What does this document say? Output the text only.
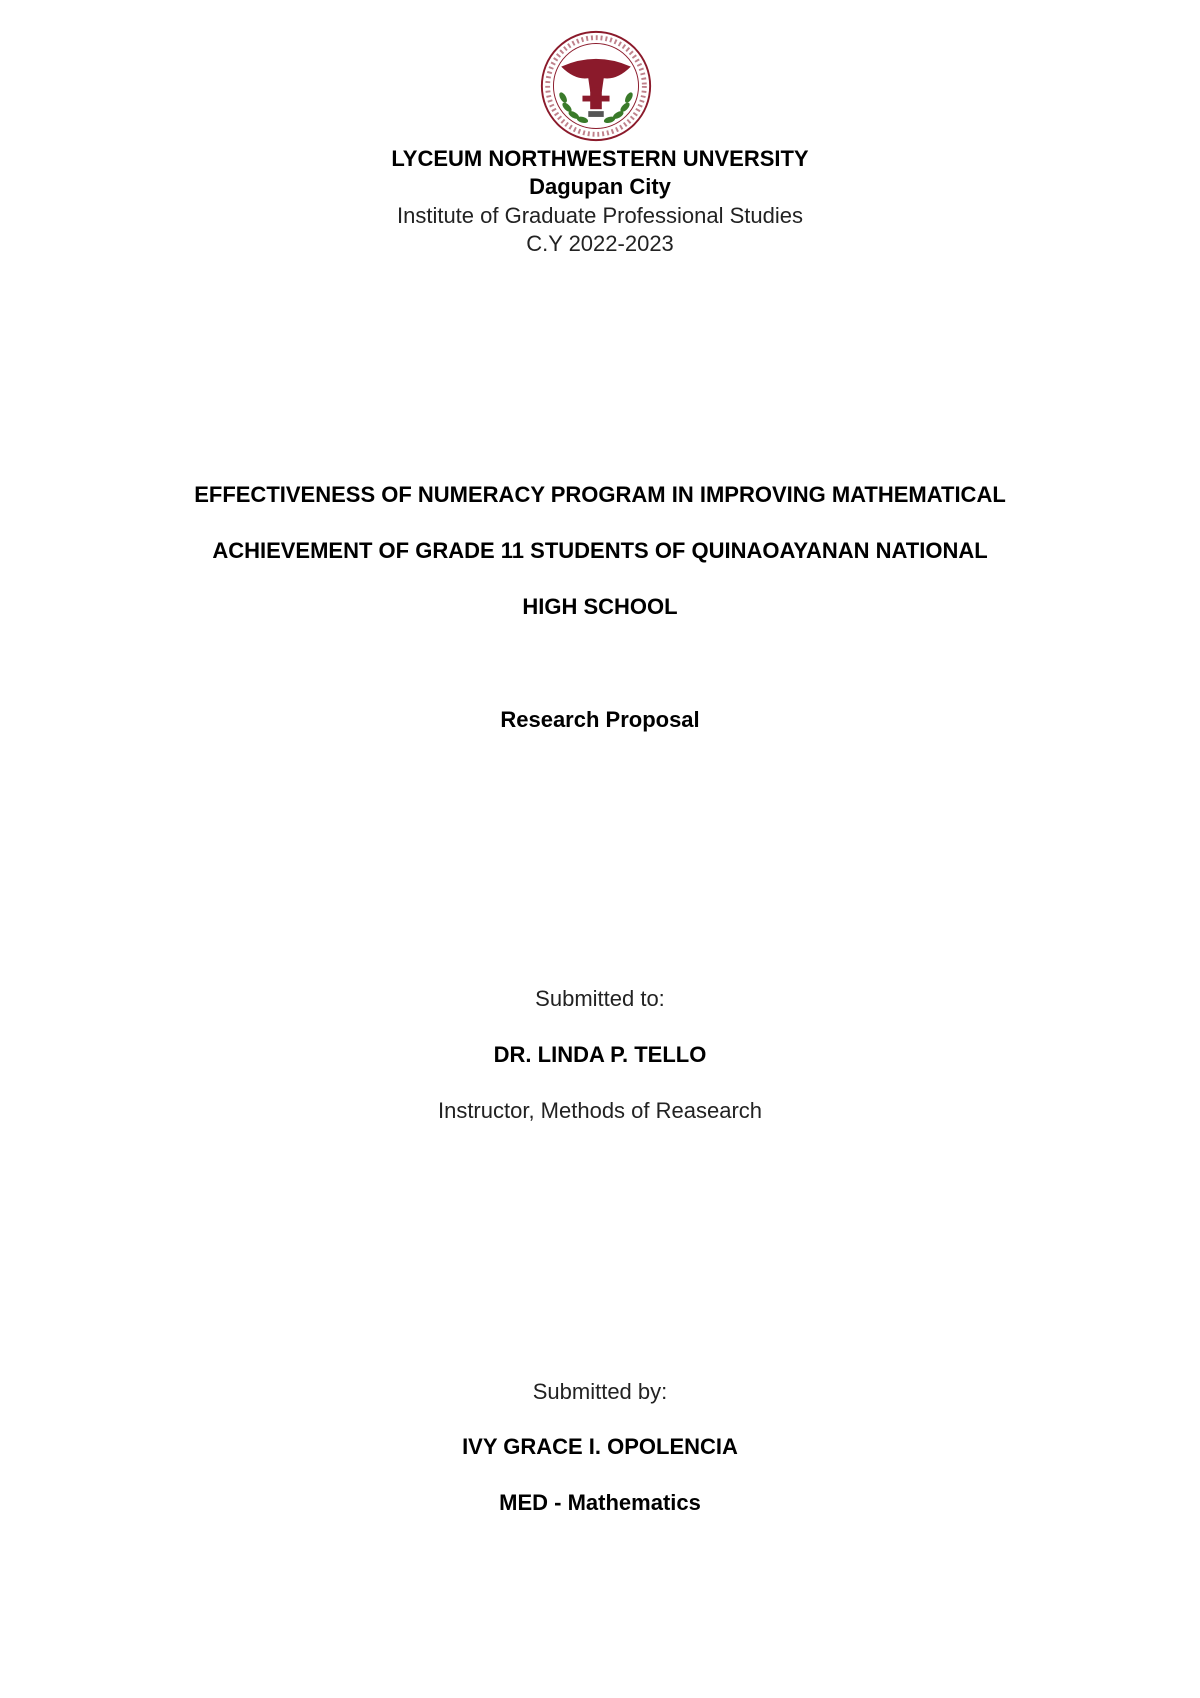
LYCEUM NORTHWESTERN UNVERSITY
Dagupan City
Institute of Graduate Professional Studies
C.Y 2022-2023
EFFECTIVENESS OF NUMERACY PROGRAM IN IMPROVING MATHEMATICAL
ACHIEVEMENT OF GRADE 11 STUDENTS OF QUINAOAYANAN NATIONAL
HIGH SCHOOL
Research Proposal
Submitted to:
DR. LINDA P. TELLO
Instructor, Methods of Reasearch
Submitted by:
IVY GRACE I. OPOLENCIA
MED - Mathematics
